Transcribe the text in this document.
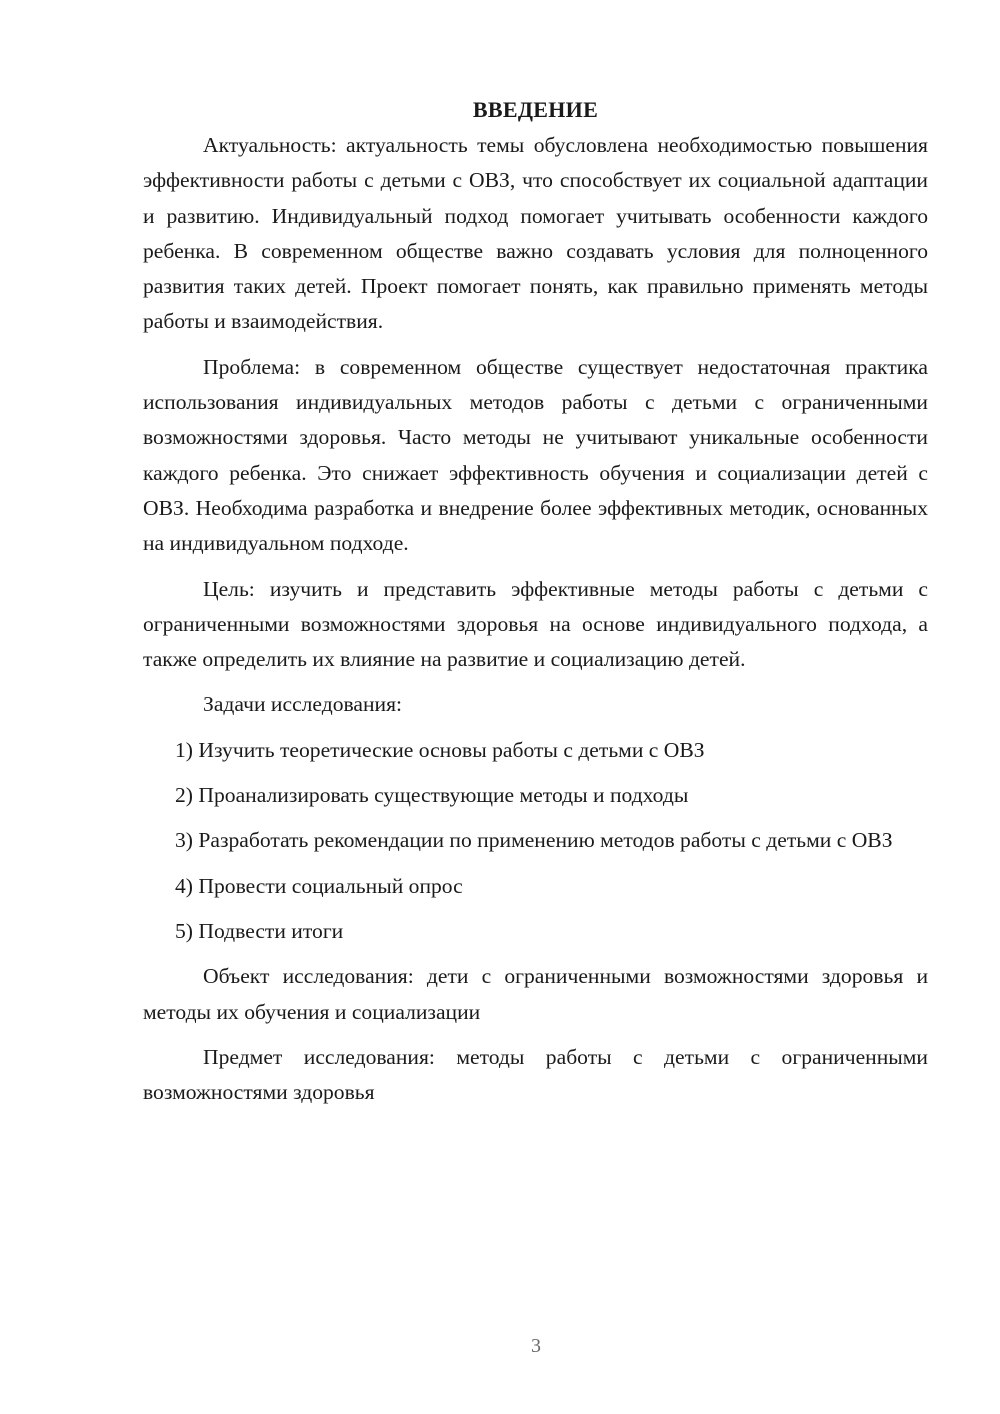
ВВЕДЕНИЕ

Актуальность: актуальность темы обусловлена необходимостью повышения эффективности работы с детьми с ОВЗ, что способствует их социальной адаптации и развитию. Индивидуальный подход помогает учитывать особенности каждого ребенка. В современном обществе важно создавать условия для полноценного развития таких детей. Проект помогает понять, как правильно применять методы работы и взаимодействия.

Проблема: в современном обществе существует недостаточная практика использования индивидуальных методов работы с детьми с ограниченными возможностями здоровья. Часто методы не учитывают уникальные особенности каждого ребенка. Это снижает эффективность обучения и социализации детей с ОВЗ. Необходима разработка и внедрение более эффективных методик, основанных на индивидуальном подходе.

Цель: изучить и представить эффективные методы работы с детьми с ограниченными возможностями здоровья на основе индивидуального подхода, а также определить их влияние на развитие и социализацию детей.

Задачи исследования:

1) Изучить теоретические основы работы с детьми с ОВЗ

2) Проанализировать существующие методы и подходы

3) Разработать рекомендации по применению методов работы с детьми с ОВЗ

4) Провести социальный опрос

5) Подвести итоги

Объект исследования: дети с ограниченными возможностями здоровья и методы их обучения и социализации

Предмет исследования: методы работы с детьми с ограниченными возможностями здоровья

3
